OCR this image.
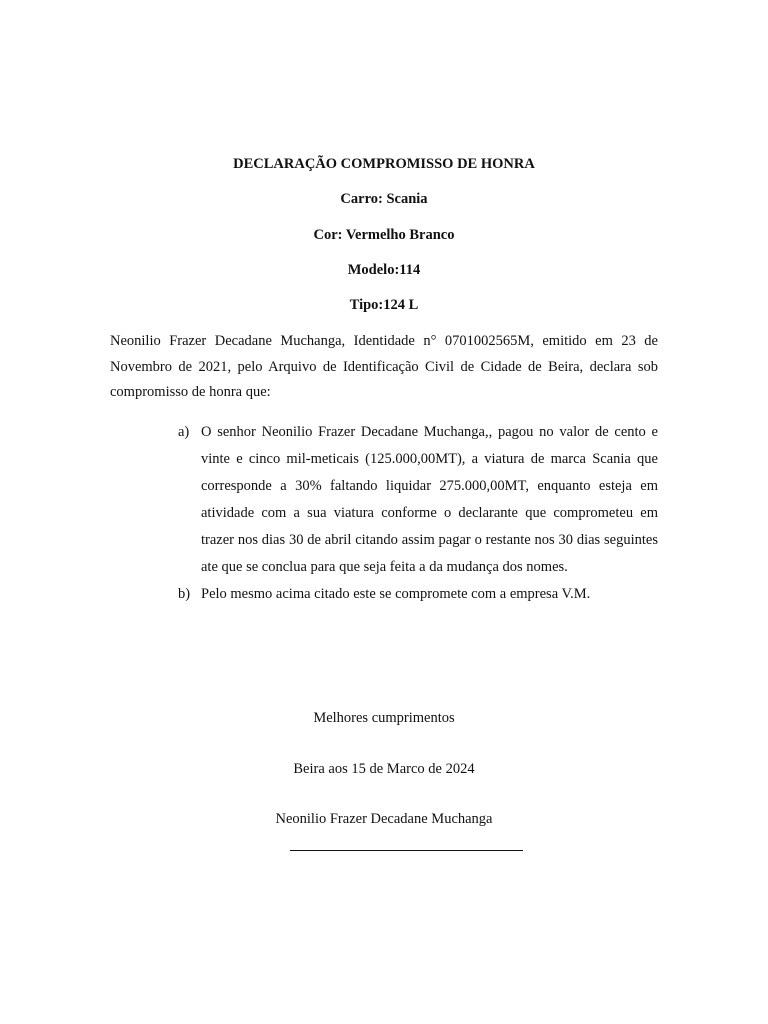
DECLARAÇÃO COMPROMISSO DE HONRA
Carro: Scania
Cor: Vermelho Branco
Modelo:114
Tipo:124 L
Neonilio Frazer Decadane Muchanga, Identidade n° 0701002565M, emitido em 23 de Novembro de 2021, pelo Arquivo de Identificação Civil de Cidade de Beira, declara sob compromisso de honra que:
a) O senhor Neonilio Frazer Decadane Muchanga,, pagou no valor de cento e vinte e cinco mil-meticais (125.000,00MT), a viatura de marca Scania que corresponde a 30% faltando liquidar 275.000,00MT, enquanto esteja em atividade com a sua viatura conforme o declarante que comprometeu em trazer nos dias 30 de abril citando assim pagar o restante nos 30 dias seguintes ate que se conclua para que seja feita a da mudança dos nomes.
b) Pelo mesmo acima citado este se compromete com a empresa V.M.
Melhores cumprimentos
Beira aos 15 de Marco de 2024
Neonilio Frazer Decadane Muchanga
